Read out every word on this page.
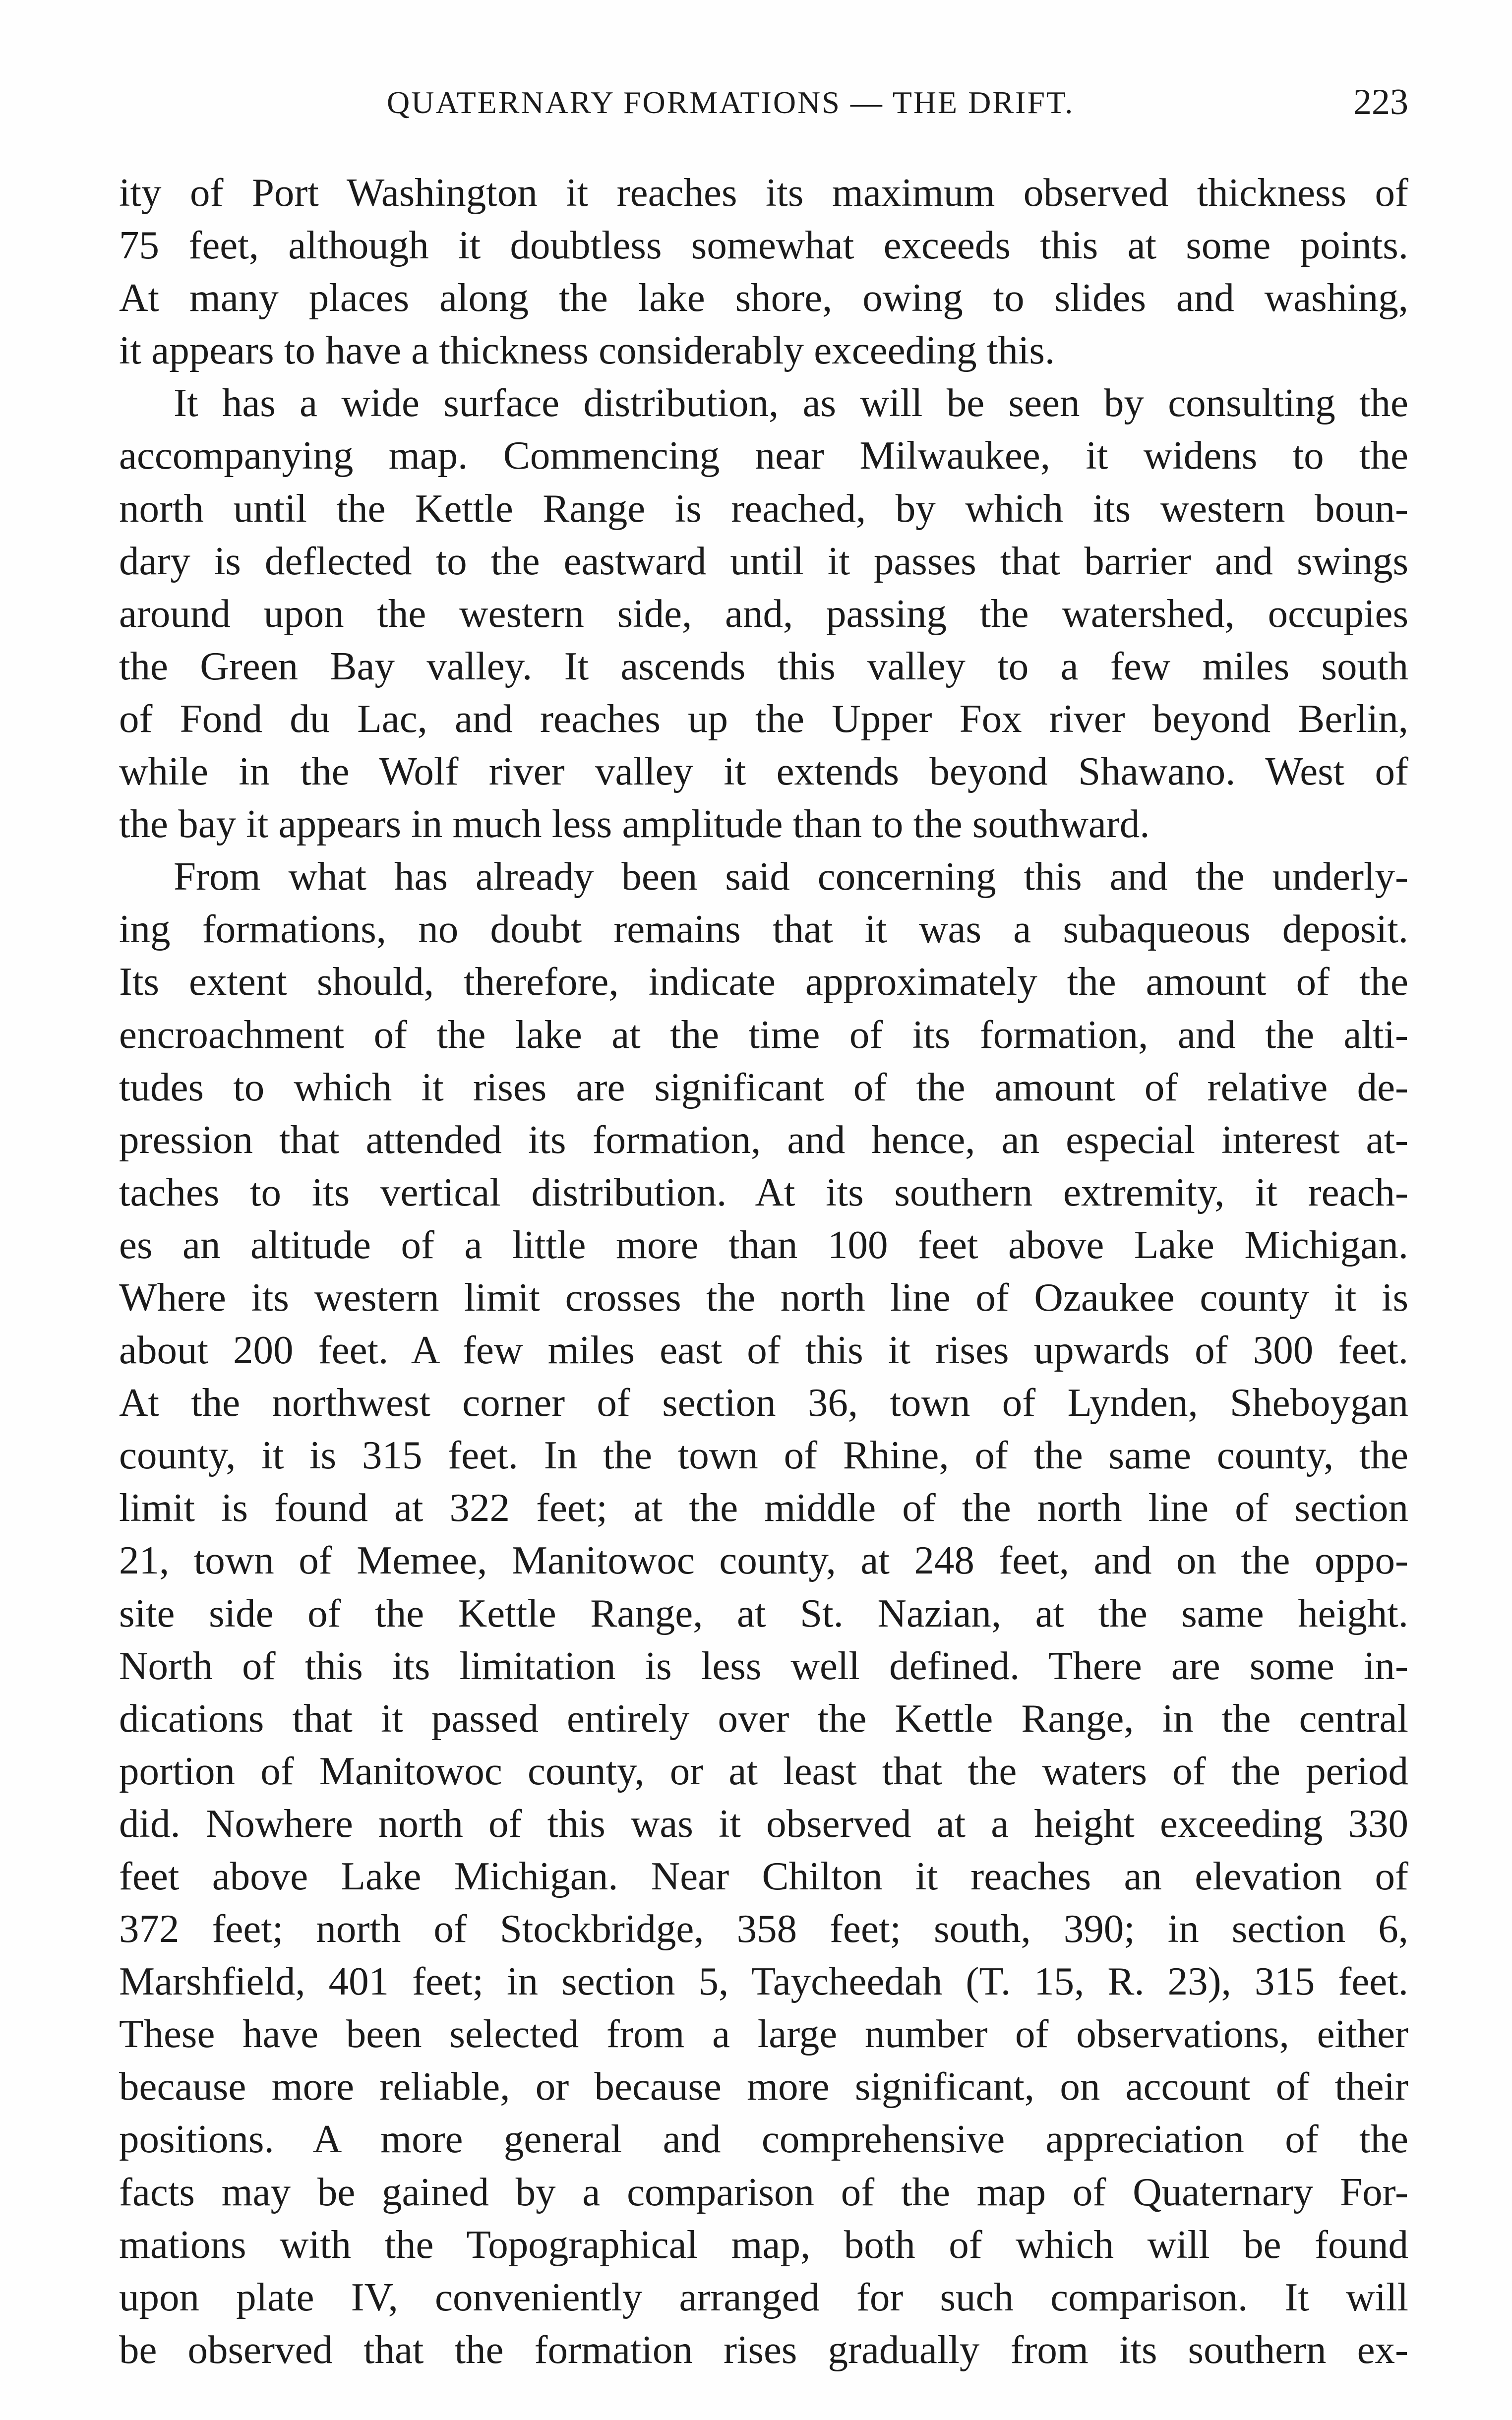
QUATERNARY FORMATIONS — THE DRIFT.	223
ity of Port Washington it reaches its maximum observed thickness of
75 feet, although it doubtless somewhat exceeds this at some points.
At many places along the lake shore, owing to slides and washing,
it appears to have a thickness considerably exceeding this.
It has a wide surface distribution, as will be seen by consulting the
accompanying map. Commencing near Milwaukee, it widens to the
north until the Kettle Range is reached, by which its western boun-
dary is deflected to the eastward until it passes that barrier and swings
around upon the western side, and, passing the watershed, occupies
the Green Bay valley. It ascends this valley to a few miles south
of Fond du Lac, and reaches up the Upper Fox river beyond Berlin,
while in the Wolf river valley it extends beyond Shawano. West of
the bay it appears in much less amplitude than to the southward.
From what has already been said concerning this and the underly-
ing formations, no doubt remains that it was a subaqueous deposit.
Its extent should, therefore, indicate approximately the amount of the
encroachment of the lake at the time of its formation, and the alti-
tudes to which it rises are significant of the amount of relative de-
pression that attended its formation, and hence, an especial interest at-
taches to its vertical distribution. At its southern extremity, it reach-
es an altitude of a little more than 100 feet above Lake Michigan.
Where its western limit crosses the north line of Ozaukee county it is
about 200 feet. A few miles east of this it rises upwards of 300 feet.
At the northwest corner of section 36, town of Lynden, Sheboygan
county, it is 315 feet. In the town of Rhine, of the same county, the
limit is found at 322 feet; at the middle of the north line of section
21, town of Memee, Manitowoc county, at 248 feet, and on the oppo-
site side of the Kettle Range, at St. Nazian, at the same height.
North of this its limitation is less well defined. There are some in-
dications that it passed entirely over the Kettle Range, in the central
portion of Manitowoc county, or at least that the waters of the period
did. Nowhere north of this was it observed at a height exceeding 330
feet above Lake Michigan. Near Chilton it reaches an elevation of
372 feet; north of Stockbridge, 358 feet; south, 390; in section 6,
Marshfield, 401 feet; in section 5, Taycheedah (T. 15, R. 23), 315 feet.
These have been selected from a large number of observations, either
because more reliable, or because more significant, on account of their
positions. A more general and comprehensive appreciation of the
facts may be gained by a comparison of the map of Quaternary For-
mations with the Topographical map, both of which will be found
upon plate IV, conveniently arranged for such comparison. It will
be observed that the formation rises gradually from its southern ex-
